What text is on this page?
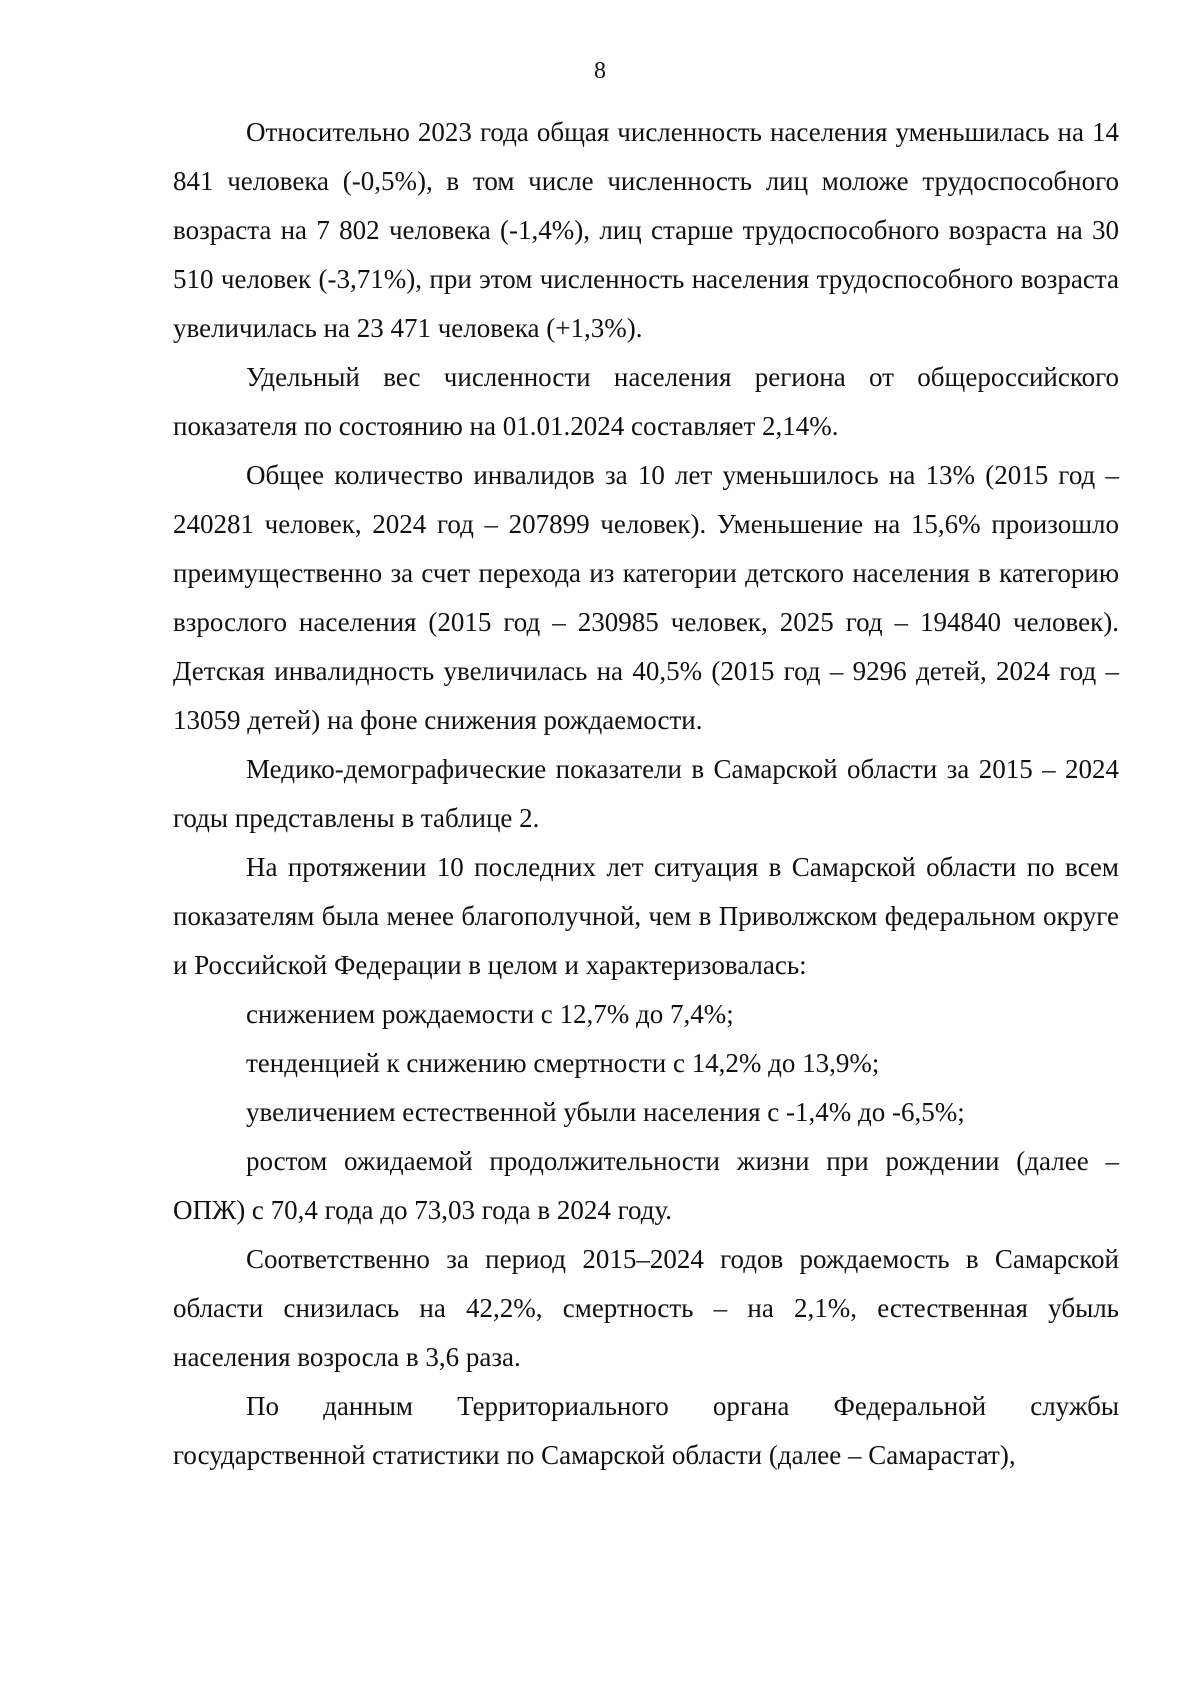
8

Относительно 2023 года общая численность населения уменьшилась на 14 841 человека (-0,5%), в том числе численность лиц моложе трудоспособного возраста на 7 802 человека (-1,4%), лиц старше трудоспособного возраста на 30 510 человек (-3,71%), при этом численность населения трудоспособного возраста увеличилась на 23 471 человека (+1,3%).

Удельный вес численности населения региона от общероссийского показателя по состоянию на 01.01.2024 составляет 2,14%.

Общее количество инвалидов за 10 лет уменьшилось на 13% (2015 год – 240281 человек, 2024 год – 207899 человек). Уменьшение на 15,6% произошло преимущественно за счет перехода из категории детского населения в категорию взрослого населения (2015 год – 230985 человек, 2025 год – 194840 человек). Детская инвалидность увеличилась на 40,5% (2015 год – 9296 детей, 2024 год – 13059 детей) на фоне снижения рождаемости.

Медико-демографические показатели в Самарской области за 2015 – 2024 годы представлены в таблице 2.

На протяжении 10 последних лет ситуация в Самарской области по всем показателям была менее благополучной, чем в Приволжском федеральном округе и Российской Федерации в целом и характеризовалась:

снижением рождаемости с 12,7% до 7,4%;

тенденцией к снижению смертности с 14,2% до 13,9%;

увеличением естественной убыли населения с -1,4% до -6,5%;

ростом ожидаемой продолжительности жизни при рождении (далее – ОПЖ) с 70,4 года до 73,03 года в 2024 году.

Соответственно за период 2015–2024 годов рождаемость в Самарской области снизилась на 42,2%, смертность – на 2,1%, естественная убыль населения возросла в 3,6 раза.

По данным Территориального органа Федеральной службы государственной статистики по Самарской области (далее – Самарастат),
